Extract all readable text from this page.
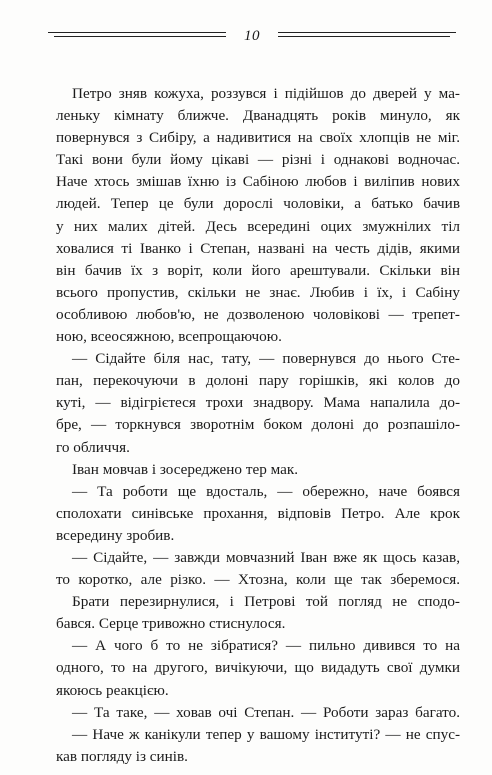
10
Петро зняв кожуха, роззувся і підійшов до дверей у ма-
леньку кімнату ближче. Дванадцять років минуло, як
повернувся з Сибіру, а надивитися на своїх хлопців не міг.
Такі вони були йому цікаві — різні і однакові водночас.
Наче хтось змішав їхню із Сабіною любов і виліпив нових
людей. Тепер це були дорослі чоловіки, а батько бачив
у них малих дітей. Десь всередині оцих змужнілих тіл
ховалися ті Іванко і Степан, названі на честь дідів, якими
він бачив їх з воріт, коли його арештували. Скільки він
всього пропустив, скільки не знає. Любив і їх, і Сабіну
особливою любов'ю, не дозволеною чоловікові — трепет-
ною, всеосяжною, всепрощаючою.
— Сідайте біля нас, тату, — повернувся до нього Сте-
пан, перекочуючи в долоні пару горішків, які колов до
куті, — відігрієтеся трохи знадвору. Мама напалила до-
бре, — торкнувся зворотнім боком долоні до розпашіло-
го обличчя.
Іван мовчав і зосереджено тер мак.
— Та роботи ще вдосталь, — обережно, наче боявся
сполохати синівське прохання, відповів Петро. Але крок
всередину зробив.
— Сідайте, — завжди мовчазний Іван вже як щось казав,
то коротко, але різко. — Хтозна, коли ще так зберемося.
Брати перезирнулися, і Петрові той погляд не сподо-
бався. Серце тривожно стиснулося.
— А чого б то не зібратися? — пильно дивився то на
одного, то на другого, вичікуючи, що видадуть свої думки
якоюсь реакцією.
— Та таке, — ховав очі Степан. — Роботи зараз багато.
— Наче ж канікули тепер у вашому інституті? — не спус-
кав погляду із синів.
